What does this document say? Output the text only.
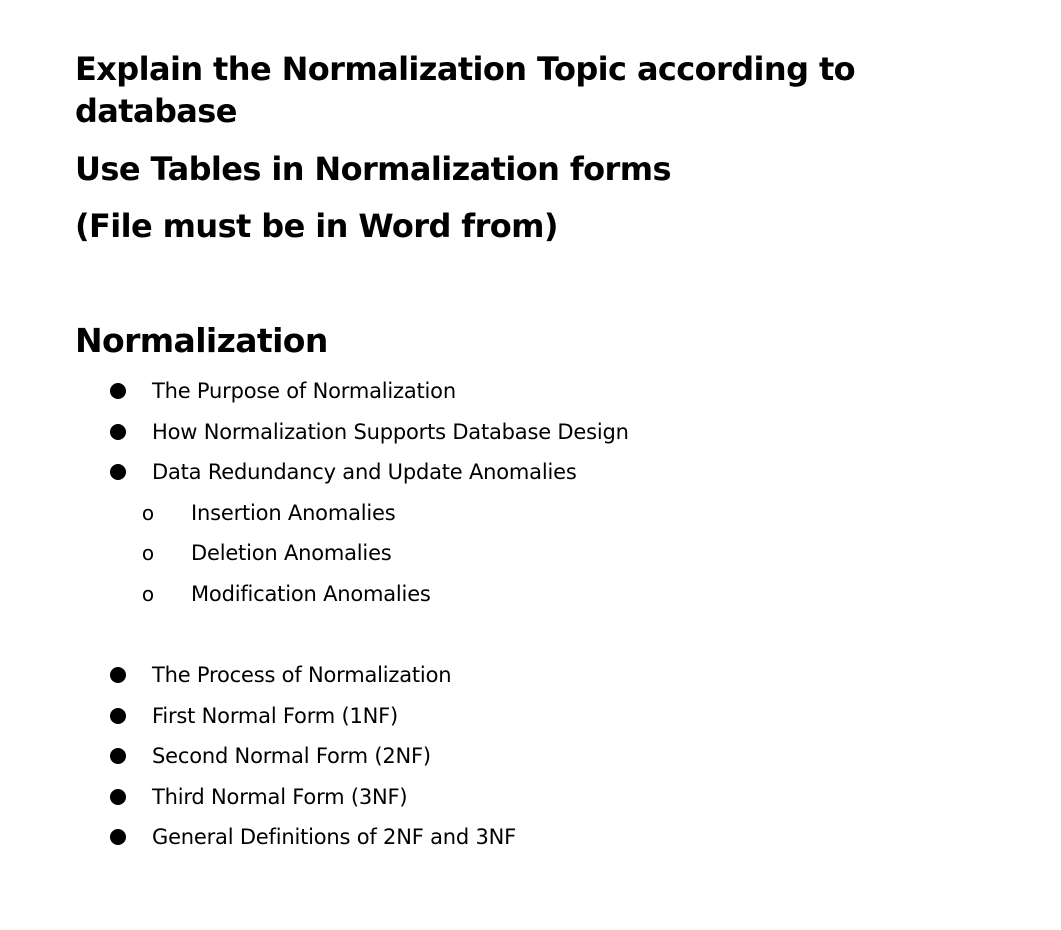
Explain the Normalization Topic according to
database
Use Tables in Normalization forms
(File must be in Word from)
Normalization
The Purpose of Normalization
How Normalization Supports Database Design
Data Redundancy and Update Anomalies
o Insertion Anomalies
o Deletion Anomalies
o Modification Anomalies
The Process of Normalization
First Normal Form (1NF)
Second Normal Form (2NF)
Third Normal Form (3NF)
General Definitions of 2NF and 3NF
